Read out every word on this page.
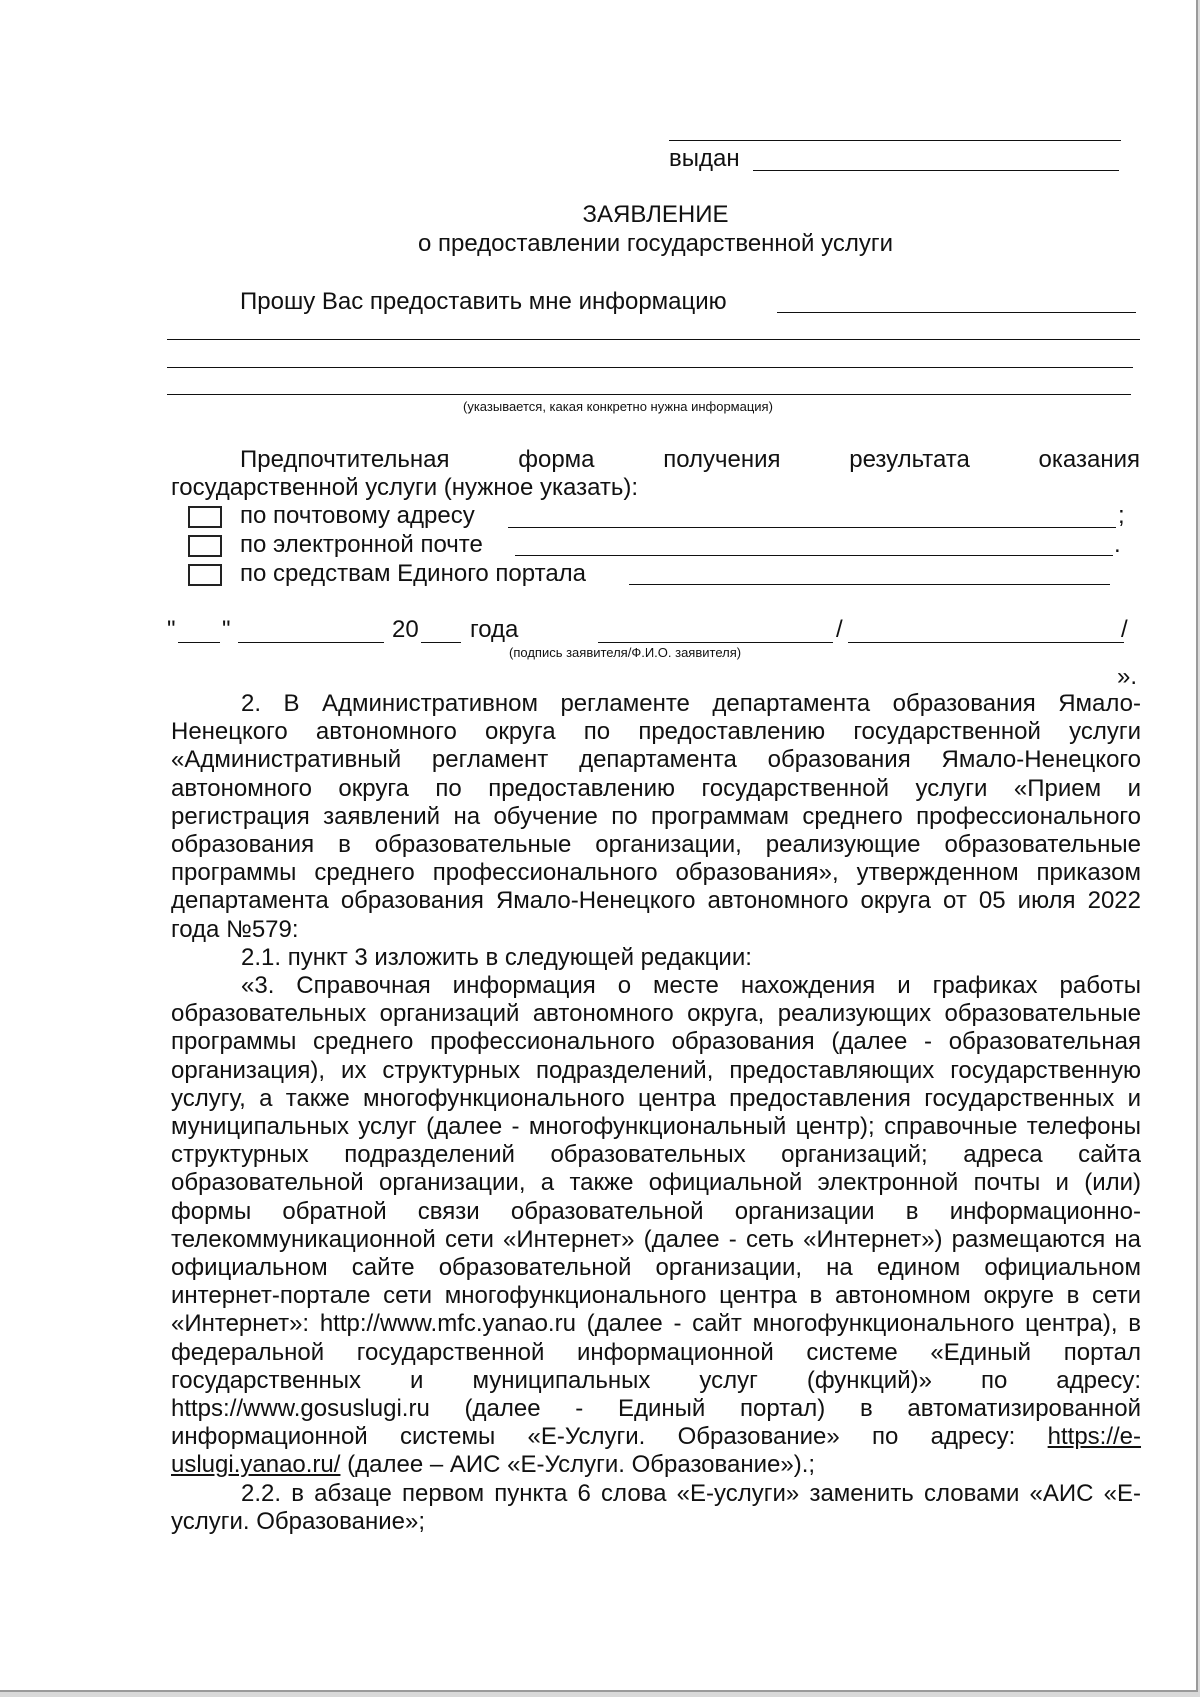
выдан
ЗАЯВЛЕНИЕ
о предоставлении государственной услуги
Прошу Вас предоставить мне информацию
(указывается, какая конкретно нужна информация)
Предпочтительная	форма	получения	результата	оказания
государственной услуги (нужное указать):
по почтовому адресу	;
по электронной почте	.
по средствам Единого портала
" "	20 года	/	/
(подпись заявителя/Ф.И.О. заявителя)
».

2. В Административном регламенте департамента образования Ямало-Ненецкого автономного округа по предоставлению государственной услуги «Административный регламент департамента образования Ямало-Ненецкого автономного округа по предоставлению государственной услуги «Прием и регистрация заявлений на обучение по программам среднего профессионального образования в образовательные организации, реализующие образовательные программы среднего профессионального образования», утвержденном приказом департамента образования Ямало-Ненецкого автономного округа от 05 июля 2022 года №579:

2.1. пункт 3 изложить в следующей редакции:

«3. Справочная информация о месте нахождения и графиках работы образовательных организаций автономного округа, реализующих образовательные программы среднего профессионального образования (далее - образовательная организация), их структурных подразделений, предоставляющих государственную услугу, а также многофункционального центра предоставления государственных и муниципальных услуг (далее - многофункциональный центр); справочные телефоны структурных подразделений образовательных организаций; адреса сайта образовательной организации, а также официальной электронной почты и (или) формы обратной связи образовательной организации в информационно-телекоммуникационной сети «Интернет» (далее - сеть «Интернет») размещаются на официальном сайте образовательной организации, на едином официальном интернет-портале сети многофункционального центра в автономном округе в сети «Интернет»: http://www.mfc.yanao.ru (далее - сайт многофункционального центра), в федеральной государственной информационной системе «Единый портал государственных и муниципальных услуг (функций)» по адресу: https://www.gosuslugi.ru (далее - Единый портал) в автоматизированной информационной системы «Е-Услуги. Образование» по адресу: https://e-uslugi.yanao.ru/ (далее – АИС «Е-Услуги. Образование»).;

2.2. в абзаце первом пункта 6 слова «Е-услуги» заменить словами «АИС «Е-услуги. Образование»;
